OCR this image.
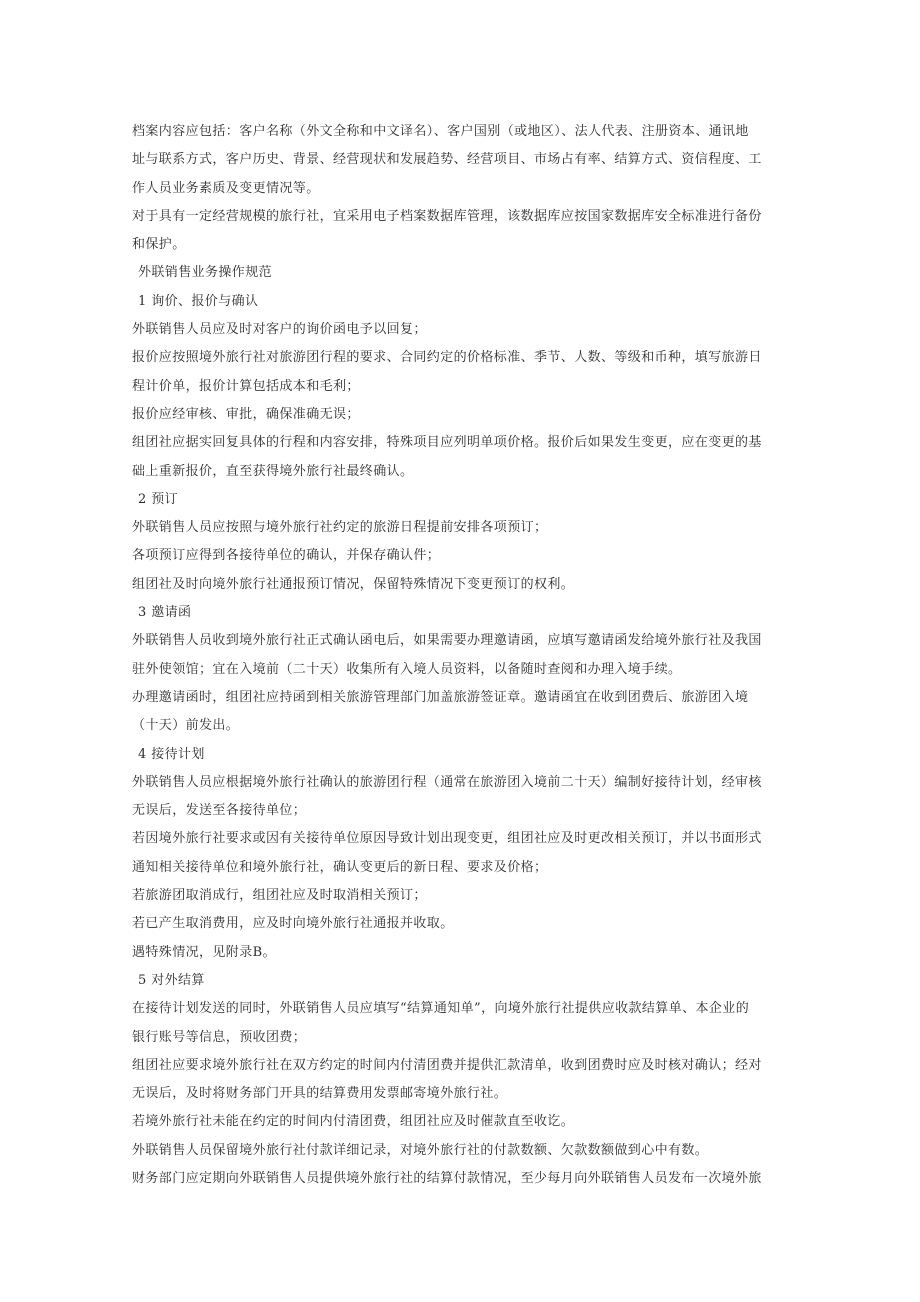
档案内容应包括：客户名称（外文全称和中文译名）、客户国别（或地区）、法人代表、注册资本、通讯地
址与联系方式，客户历史、背景、经营现状和发展趋势、经营项目、市场占有率、结算方式、资信程度、工
作人员业务素质及变更情况等。
对于具有一定经营规模的旅行社，宜采用电子档案数据库管理，该数据库应按国家数据库安全标准进行备份
和保护。
外联销售业务操作规范
1 询价、报价与确认
外联销售人员应及时对客户的询价函电予以回复；
报价应按照境外旅行社对旅游团行程的要求、合同约定的价格标准、季节、人数、等级和币种，填写旅游日
程计价单，报价计算包括成本和毛利；
报价应经审核、审批，确保准确无误；
组团社应据实回复具体的行程和内容安排，特殊项目应列明单项价格。报价后如果发生变更，应在变更的基
础上重新报价，直至获得境外旅行社最终确认。
2 预订
外联销售人员应按照与境外旅行社约定的旅游日程提前安排各项预订；
各项预订应得到各接待单位的确认，并保存确认件；
组团社及时向境外旅行社通报预订情况，保留特殊情况下变更预订的权利。
3 邀请函
外联销售人员收到境外旅行社正式确认函电后，如果需要办理邀请函，应填写邀请函发给境外旅行社及我国
驻外使领馆；宜在入境前（二十天）收集所有入境人员资料，以备随时查阅和办理入境手续。
办理邀请函时，组团社应持函到相关旅游管理部门加盖旅游签证章。邀请函宜在收到团费后、旅游团入境
（十天）前发出。
4 接待计划
外联销售人员应根据境外旅行社确认的旅游团行程（通常在旅游团入境前二十天）编制好接待计划，经审核
无误后，发送至各接待单位；
若因境外旅行社要求或因有关接待单位原因导致计划出现变更，组团社应及时更改相关预订，并以书面形式
通知相关接待单位和境外旅行社，确认变更后的新日程、要求及价格；
若旅游团取消成行，组团社应及时取消相关预订；
若已产生取消费用，应及时向境外旅行社通报并收取。
遇特殊情况，见附录B。
5 对外结算
在接待计划发送的同时，外联销售人员应填写“结算通知单”，向境外旅行社提供应收款结算单、本企业的
银行账号等信息，预收团费；
组团社应要求境外旅行社在双方约定的时间内付清团费并提供汇款清单，收到团费时应及时核对确认；经对
无误后，及时将财务部门开具的结算费用发票邮寄境外旅行社。
若境外旅行社未能在约定的时间内付清团费，组团社应及时催款直至收讫。
外联销售人员保留境外旅行社付款详细记录，对境外旅行社的付款数额、欠款数额做到心中有数。
财务部门应定期向外联销售人员提供境外旅行社的结算付款情况，至少每月向外联销售人员发布一次境外旅
